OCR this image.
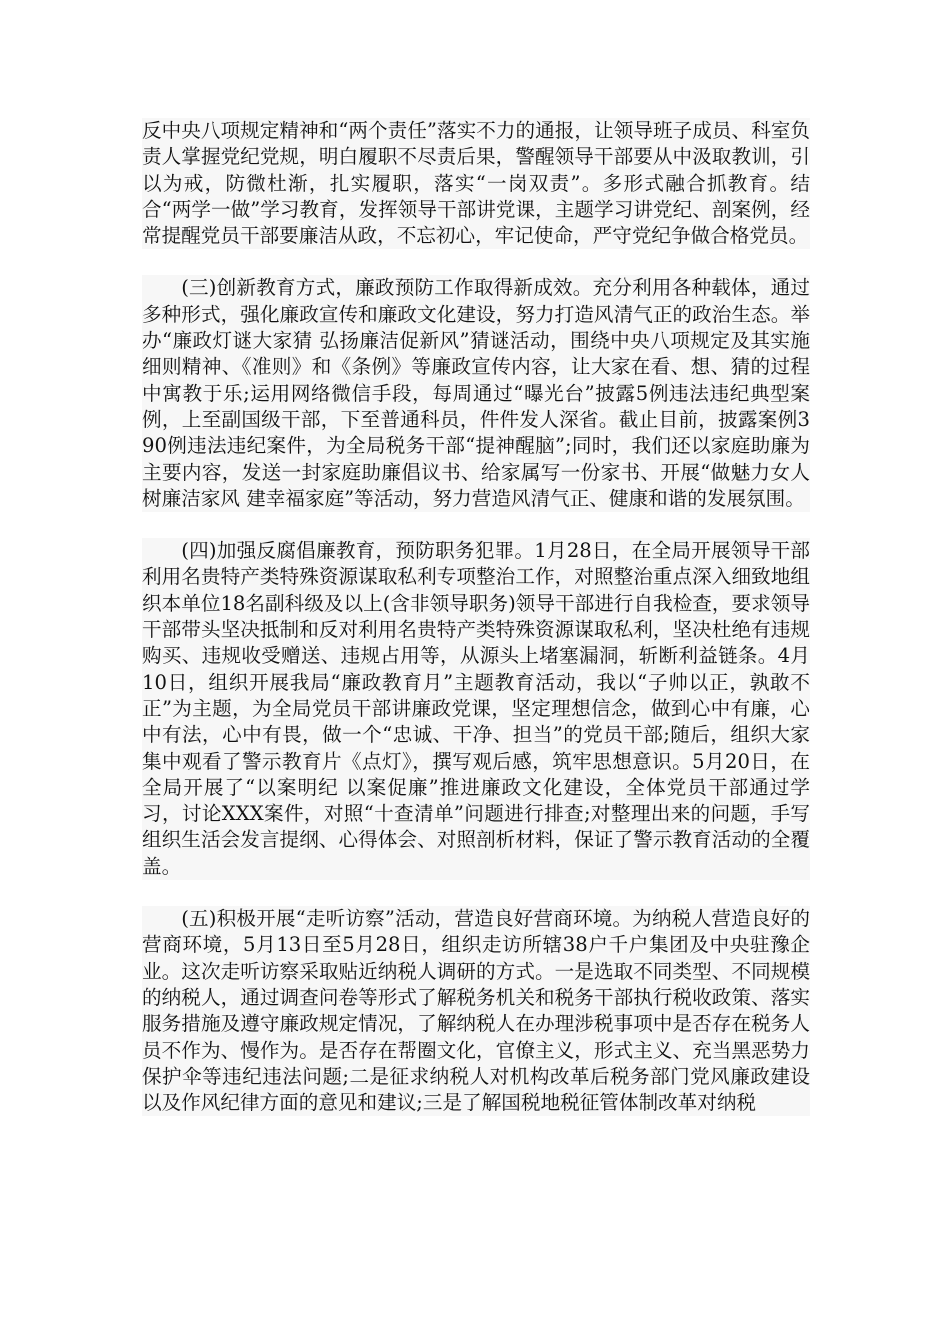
反中央八项规定精神和“两个责任”落实不力的通报，让领导班子成员、科室负责人掌握党纪党规，明白履职不尽责后果，警醒领导干部要从中汲取教训，引以为戒，防微杜渐，扎实履职，落实“一岗双责”。多形式融合抓教育。结合“两学一做”学习教育，发挥领导干部讲党课，主题学习讲党纪、剖案例，经常提醒党员干部要廉洁从政，不忘初心，牢记使命，严守党纪争做合格党员。

(三)创新教育方式，廉政预防工作取得新成效。充分利用各种载体，通过多种形式，强化廉政宣传和廉政文化建设，努力打造风清气正的政治生态。举办“廉政灯谜大家猜 弘扬廉洁促新风”猜谜活动，围绕中央八项规定及其实施细则精神、《准则》和《条例》等廉政宣传内容，让大家在看、想、猜的过程中寓教于乐;运用网络微信手段，每周通过“曝光台”披露5例违法违纪典型案例，上至副国级干部，下至普通科员，件件发人深省。截止目前，披露案例390例违法违纪案件，为全局税务干部“提神醒脑”;同时，我们还以家庭助廉为主要内容，发送一封家庭助廉倡议书、给家属写一份家书、开展“做魅力女人树廉洁家风 建幸福家庭”等活动，努力营造风清气正、健康和谐的发展氛围。

(四)加强反腐倡廉教育，预防职务犯罪。1月28日，在全局开展领导干部利用名贵特产类特殊资源谋取私利专项整治工作，对照整治重点深入细致地组织本单位18名副科级及以上(含非领导职务)领导干部进行自我检查，要求领导干部带头坚决抵制和反对利用名贵特产类特殊资源谋取私利，坚决杜绝有违规购买、违规收受赠送、违规占用等，从源头上堵塞漏洞，斩断利益链条。4月10日，组织开展我局“廉政教育月”主题教育活动，我以“子帅以正，孰敢不正”为主题，为全局党员干部讲廉政党课，坚定理想信念，做到心中有廉，心中有法，心中有畏，做一个“忠诚、干净、担当”的党员干部;随后，组织大家集中观看了警示教育片《点灯》，撰写观后感，筑牢思想意识。5月20日，在全局开展了“以案明纪 以案促廉”推进廉政文化建设，全体党员干部通过学习，讨论XXX案件，对照“十查清单”问题进行排查;对整理出来的问题，手写组织生活会发言提纲、心得体会、对照剖析材料，保证了警示教育活动的全覆盖。

(五)积极开展“走听访察”活动，营造良好营商环境。为纳税人营造良好的营商环境，5月13日至5月28日，组织走访所辖38户千户集团及中央驻豫企业。这次走听访察采取贴近纳税人调研的方式。一是选取不同类型、不同规模的纳税人，通过调查问卷等形式了解税务机关和税务干部执行税收政策、落实服务措施及遵守廉政规定情况，了解纳税人在办理涉税事项中是否存在税务人员不作为、慢作为。是否存在帮圈文化，官僚主义，形式主义、充当黑恶势力保护伞等违纪违法问题;二是征求纳税人对机构改革后税务部门党风廉政建设以及作风纪律方面的意见和建议;三是了解国税地税征管体制改革对纳税
